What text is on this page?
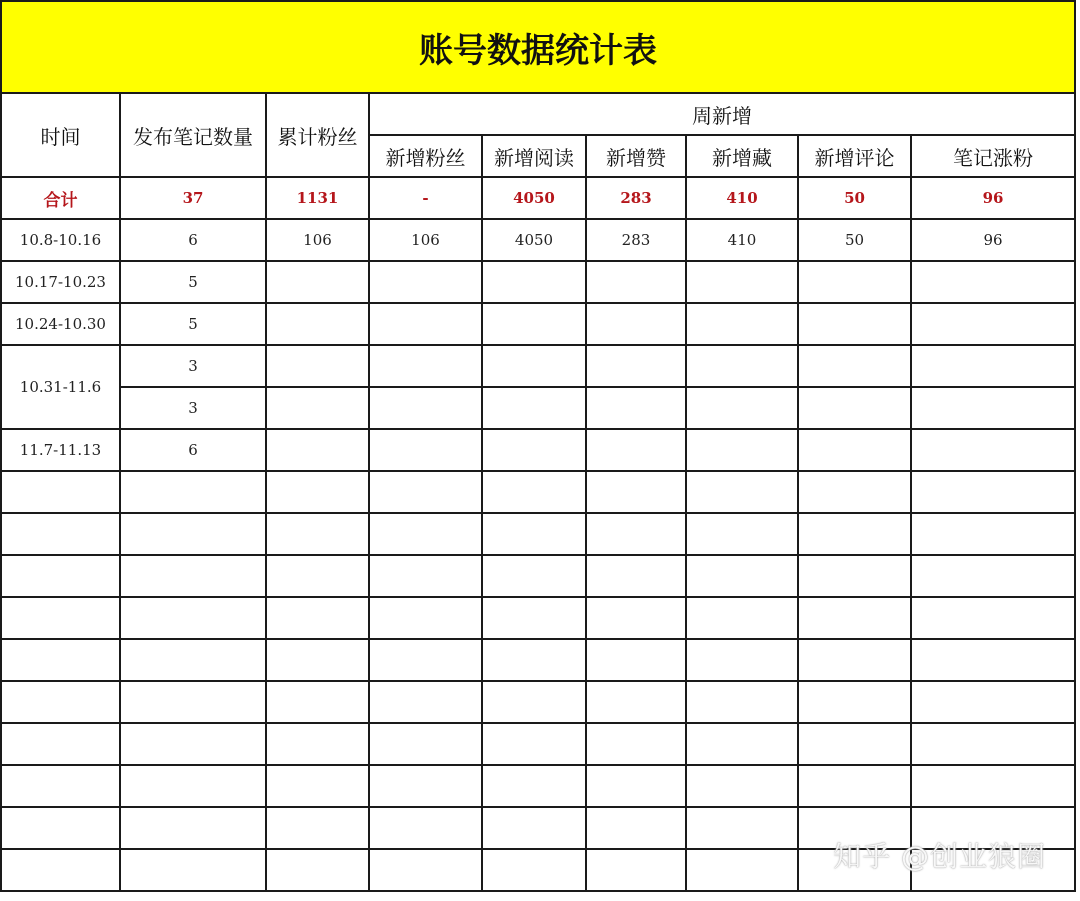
账号数据统计表								
时间	发布笔记数量	累计粉丝	周新增					
			新增粉丝	新增阅读	新增赞	新增藏	新增评论	笔记涨粉
合计	37	1131	-	4050	283	410	50	96
10.8-10.16	6	106	106	4050	283	410	50	96
10.17-10.23	5							
10.24-10.30	5							
10.31-11.6	3							
	3							
11.7-11.13	6							

知乎 @创业狼圈
